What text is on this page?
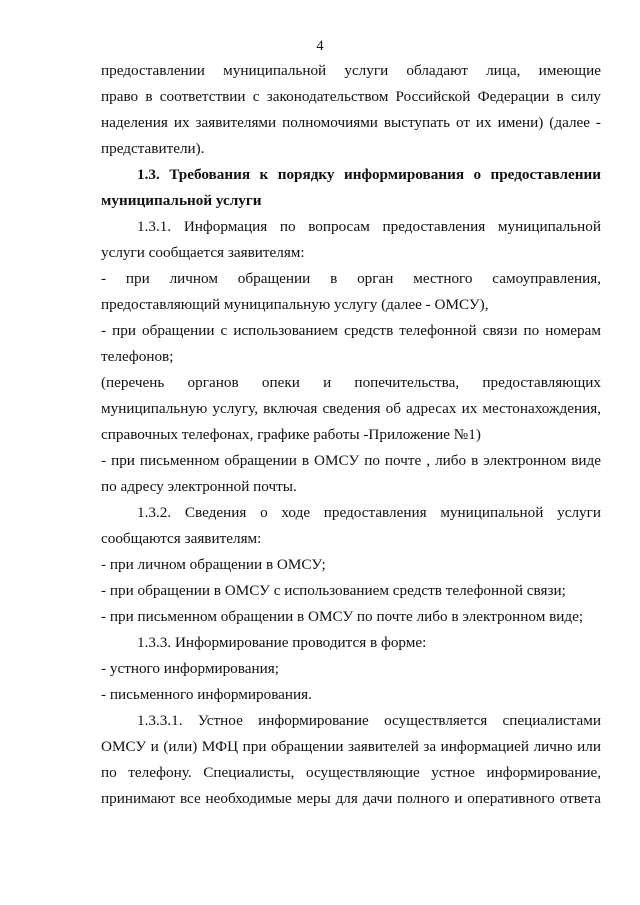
4
предоставлении муниципальной услуги обладают лица, имеющие
право в соответствии с законодательством Российской Федерации в силу
наделения их заявителями полномочиями выступать от их имени) (далее -
представители).
1.3. Требования к порядку информирования о предоставлении
муниципальной услуги
1.3.1. Информация по вопросам предоставления муниципальной
услуги сообщается заявителям:
- при личном обращении в орган местного самоуправления,
предоставляющий муниципальную услугу (далее - ОМСУ),
- при обращении с использованием средств телефонной связи по номерам
телефонов;
(перечень органов опеки и попечительства, предоставляющих
муниципальную услугу, включая сведения об адресах их местонахождения,
справочных телефонах, графике работы -Приложение №1)
- при письменном обращении в ОМСУ по почте , либо в электронном виде
по адресу электронной почты.
1.3.2. Сведения о ходе предоставления муниципальной услуги
сообщаются заявителям:
- при личном обращении в ОМСУ;
- при обращении в ОМСУ с использованием средств телефонной связи;
- при письменном обращении в ОМСУ по почте либо в электронном виде;
1.3.3. Информирование проводится в форме:
- устного информирования;
- письменного информирования.
1.3.3.1. Устное информирование осуществляется специалистами
ОМСУ и (или) МФЦ при обращении заявителей за информацией лично или
по телефону. Специалисты, осуществляющие устное информирование,
принимают все необходимые меры для дачи полного и оперативного ответа
